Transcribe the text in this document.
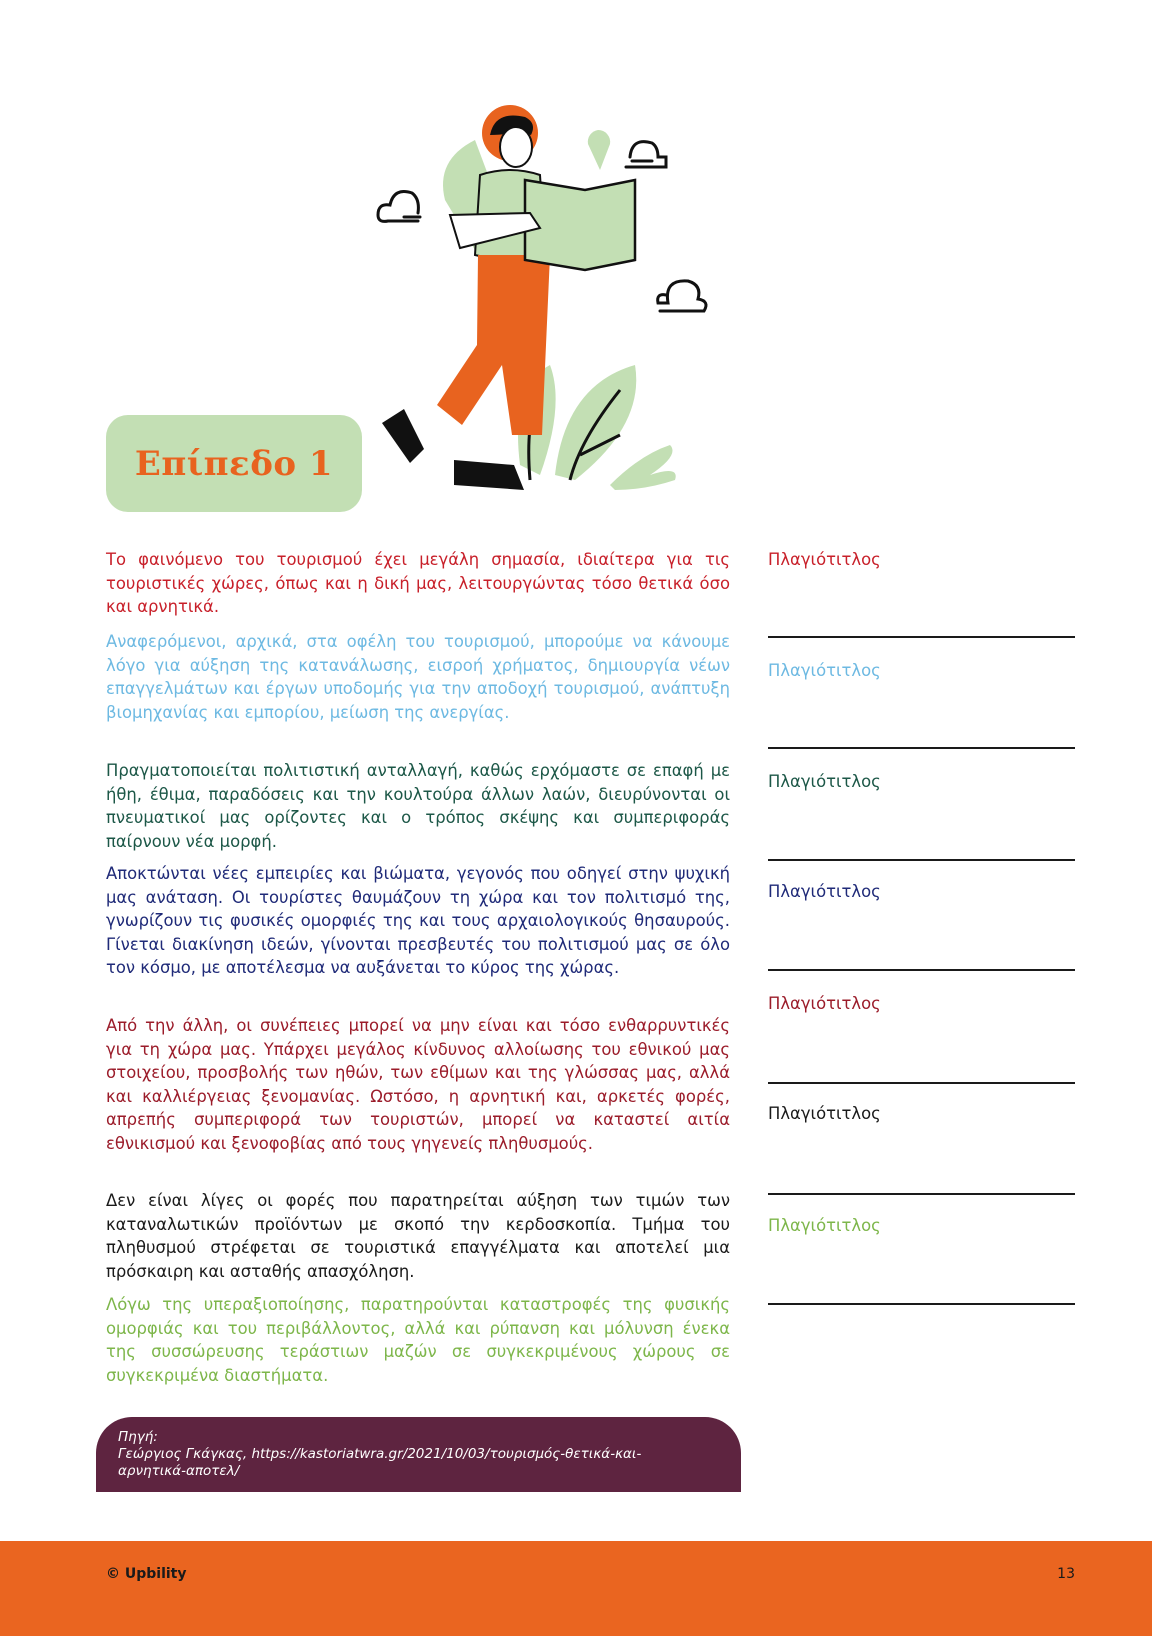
Επίπεδο 1

Το φαινόμενο του τουρισμού έχει μεγάλη σημασία, ιδιαίτερα για τις τουριστικές χώρες, όπως και η δική μας, λειτουργώντας τόσο θετικά όσο και αρνητικά.

Αναφερόμενοι, αρχικά, στα οφέλη του τουρισμού, μπορούμε να κάνουμε λόγο για αύξηση της κατανάλωσης, εισροή χρήματος, δημιουργία νέων επαγγελμάτων και έργων υποδομής για την αποδοχή τουρισμού, ανάπτυξη βιομηχανίας και εμπορίου, μείωση της ανεργίας.

Πραγματοποιείται πολιτιστική ανταλλαγή, καθώς ερχόμαστε σε επαφή με ήθη, έθιμα, παραδόσεις και την κουλτούρα άλλων λαών, διευρύνονται οι πνευματικοί μας ορίζοντες και ο τρόπος σκέψης και συμπεριφοράς παίρνουν νέα μορφή.

Αποκτώνται νέες εμπειρίες και βιώματα, γεγονός που οδηγεί στην ψυχική μας ανάταση. Οι τουρίστες θαυμάζουν τη χώρα και τον πολιτισμό της, γνωρίζουν τις φυσικές ομορφιές της και τους αρχαιολογικούς θησαυρούς. Γίνεται διακίνηση ιδεών, γίνονται πρεσβευτές του πολιτισμού μας σε όλο τον κόσμο, με αποτέλεσμα να αυξάνεται το κύρος της χώρας.

Από την άλλη, οι συνέπειες μπορεί να μην είναι και τόσο ενθαρρυντικές για τη χώρα μας. Υπάρχει μεγάλος κίνδυνος αλλοίωσης του εθνικού μας στοιχείου, προσβολής των ηθών, των εθίμων και της γλώσσας μας, αλλά και καλλιέργειας ξενομανίας. Ωστόσο, η αρνητική και, αρκετές φορές, απρεπής συμπεριφορά των τουριστών, μπορεί να καταστεί αιτία εθνικισμού και ξενοφοβίας από τους γηγενείς πληθυσμούς.

Δεν είναι λίγες οι φορές που παρατηρείται αύξηση των τιμών των καταναλωτικών προϊόντων με σκοπό την κερδοσκοπία. Τμήμα του πληθυσμού στρέφεται σε τουριστικά επαγγέλματα και αποτελεί μια πρόσκαιρη και ασταθής απασχόληση.

Λόγω της υπεραξιοποίησης, παρατηρούνται καταστροφές της φυσικής ομορφιάς και του περιβάλλοντος, αλλά και ρύπανση και μόλυνση ένεκα της συσσώρευσης τεράστιων μαζών σε συγκεκριμένους χώρους σε συγκεκριμένα διαστήματα.

Πλαγιότιτλος
Πλαγιότιτλος
Πλαγιότιτλος
Πλαγιότιτλος
Πλαγιότιτλος
Πλαγιότιτλος
Πλαγιότιτλος
Πηγή:
Γεώργιος Γκάγκας, https://kastoriatwra.gr/2021/10/03/τουρισμός-θετικά-και-
αρνητικά-αποτελ/
© Upbility	13
